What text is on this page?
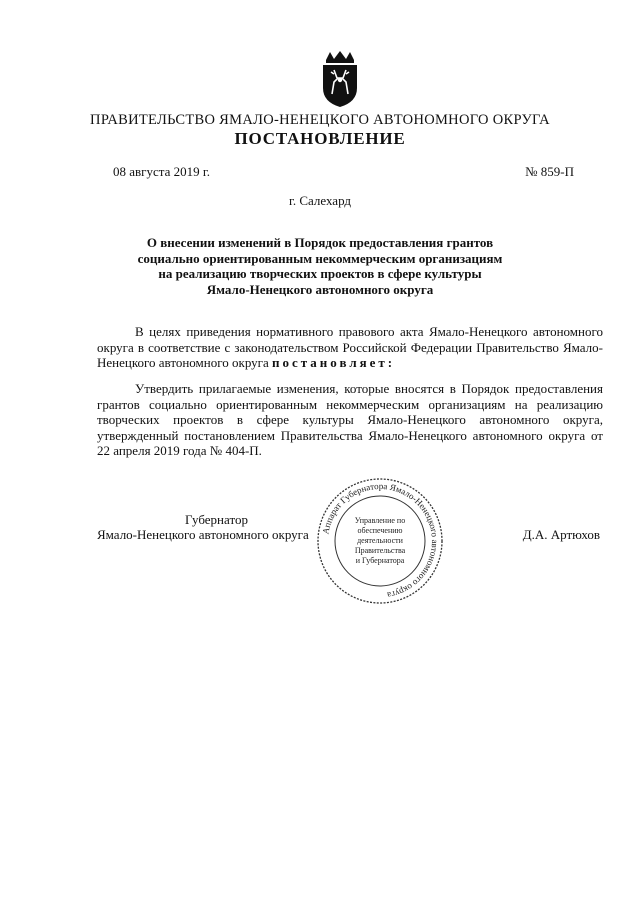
ПРАВИТЕЛЬСТВО ЯМАЛО-НЕНЕЦКОГО АВТОНОМНОГО ОКРУГА
ПОСТАНОВЛЕНИЕ
08 августа 2019 г.	№ 859-П
г. Салехард
О внесении изменений в Порядок предоставления грантов
социально ориентированным некоммерческим организациям
на реализацию творческих проектов в сфере культуры
Ямало-Ненецкого автономного округа
В целях приведения нормативного правового акта Ямало-Ненецкого автономного округа в соответствие с законодательством Российской Федерации Правительство Ямало-Ненецкого автономного округа постановляет:
Утвердить прилагаемые изменения, которые вносятся в Порядок предоставления грантов социально ориентированным некоммерческим организациям на реализацию творческих проектов в сфере культуры Ямало-Ненецкого автономного округа, утвержденный постановлением Правительства Ямало-Ненецкого автономного округа от 22 апреля 2019 года № 404-П.
Губернатор
Ямало-Ненецкого автономного округа	Д.А. Артюхов
Аппарат Губернатора Ямало-Ненецкого автономного округа
Управление по
обеспечению
деятельности
Правительства
и Губернатора
